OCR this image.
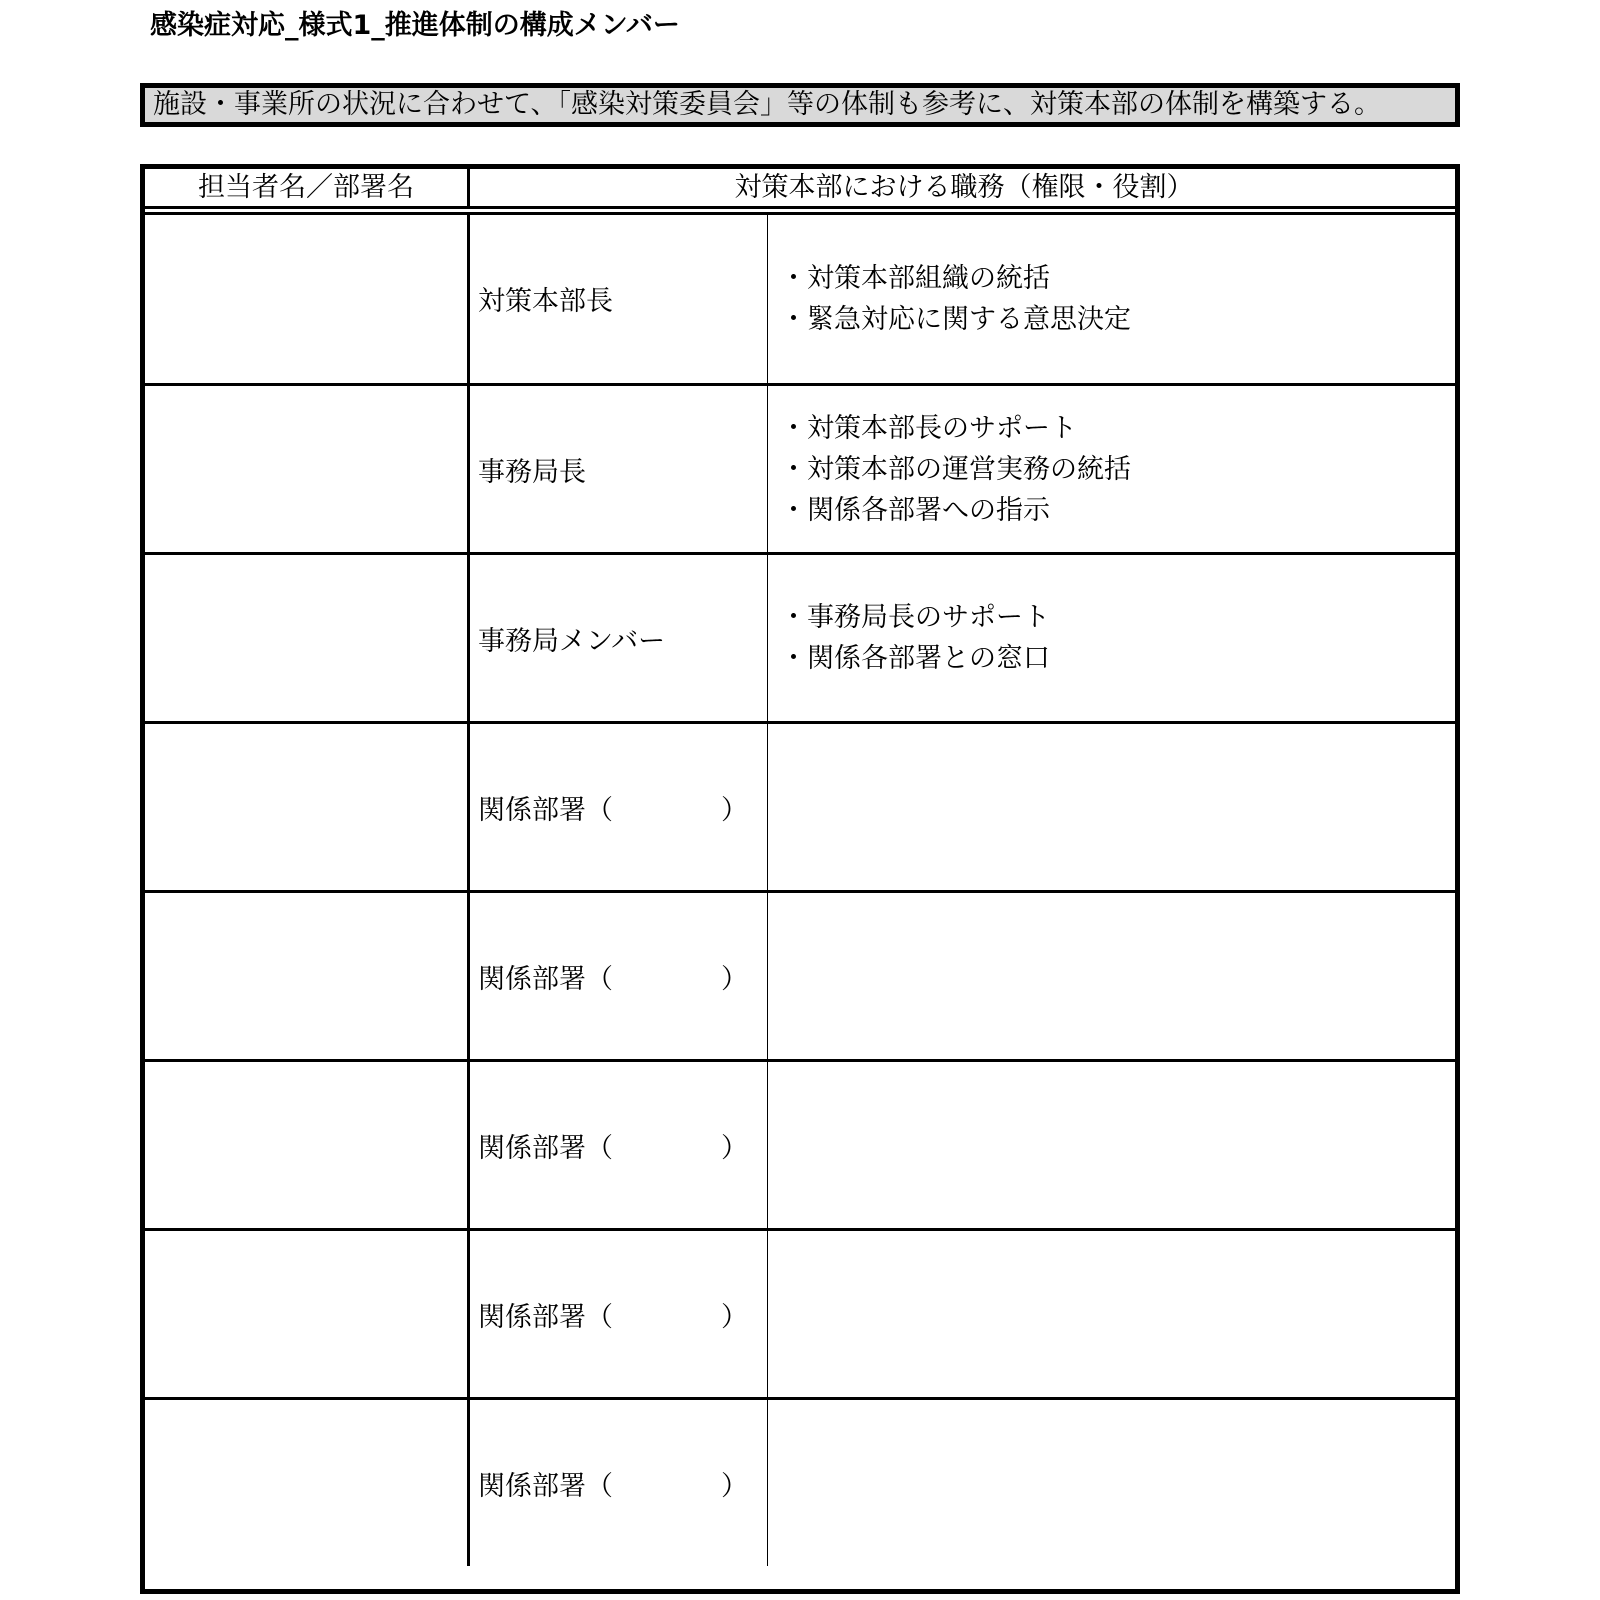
感染症対応_様式1_推進体制の構成メンバー
施設・事業所の状況に合わせて、「感染対策委員会」等の体制も参考に、対策本部の体制を構築する。
担当者名／部署名	対策本部における職務（権限・役割）
対策本部長
・対策本部組織の統括
・緊急対応に関する意思決定
事務局長
・対策本部長のサポート
・対策本部の運営実務の統括
・関係各部署への指示
事務局メンバー
・事務局長のサポート
・関係各部署との窓口
関係部署（　　　　）
関係部署（　　　　）
関係部署（　　　　）
関係部署（　　　　）
関係部署（　　　　）
